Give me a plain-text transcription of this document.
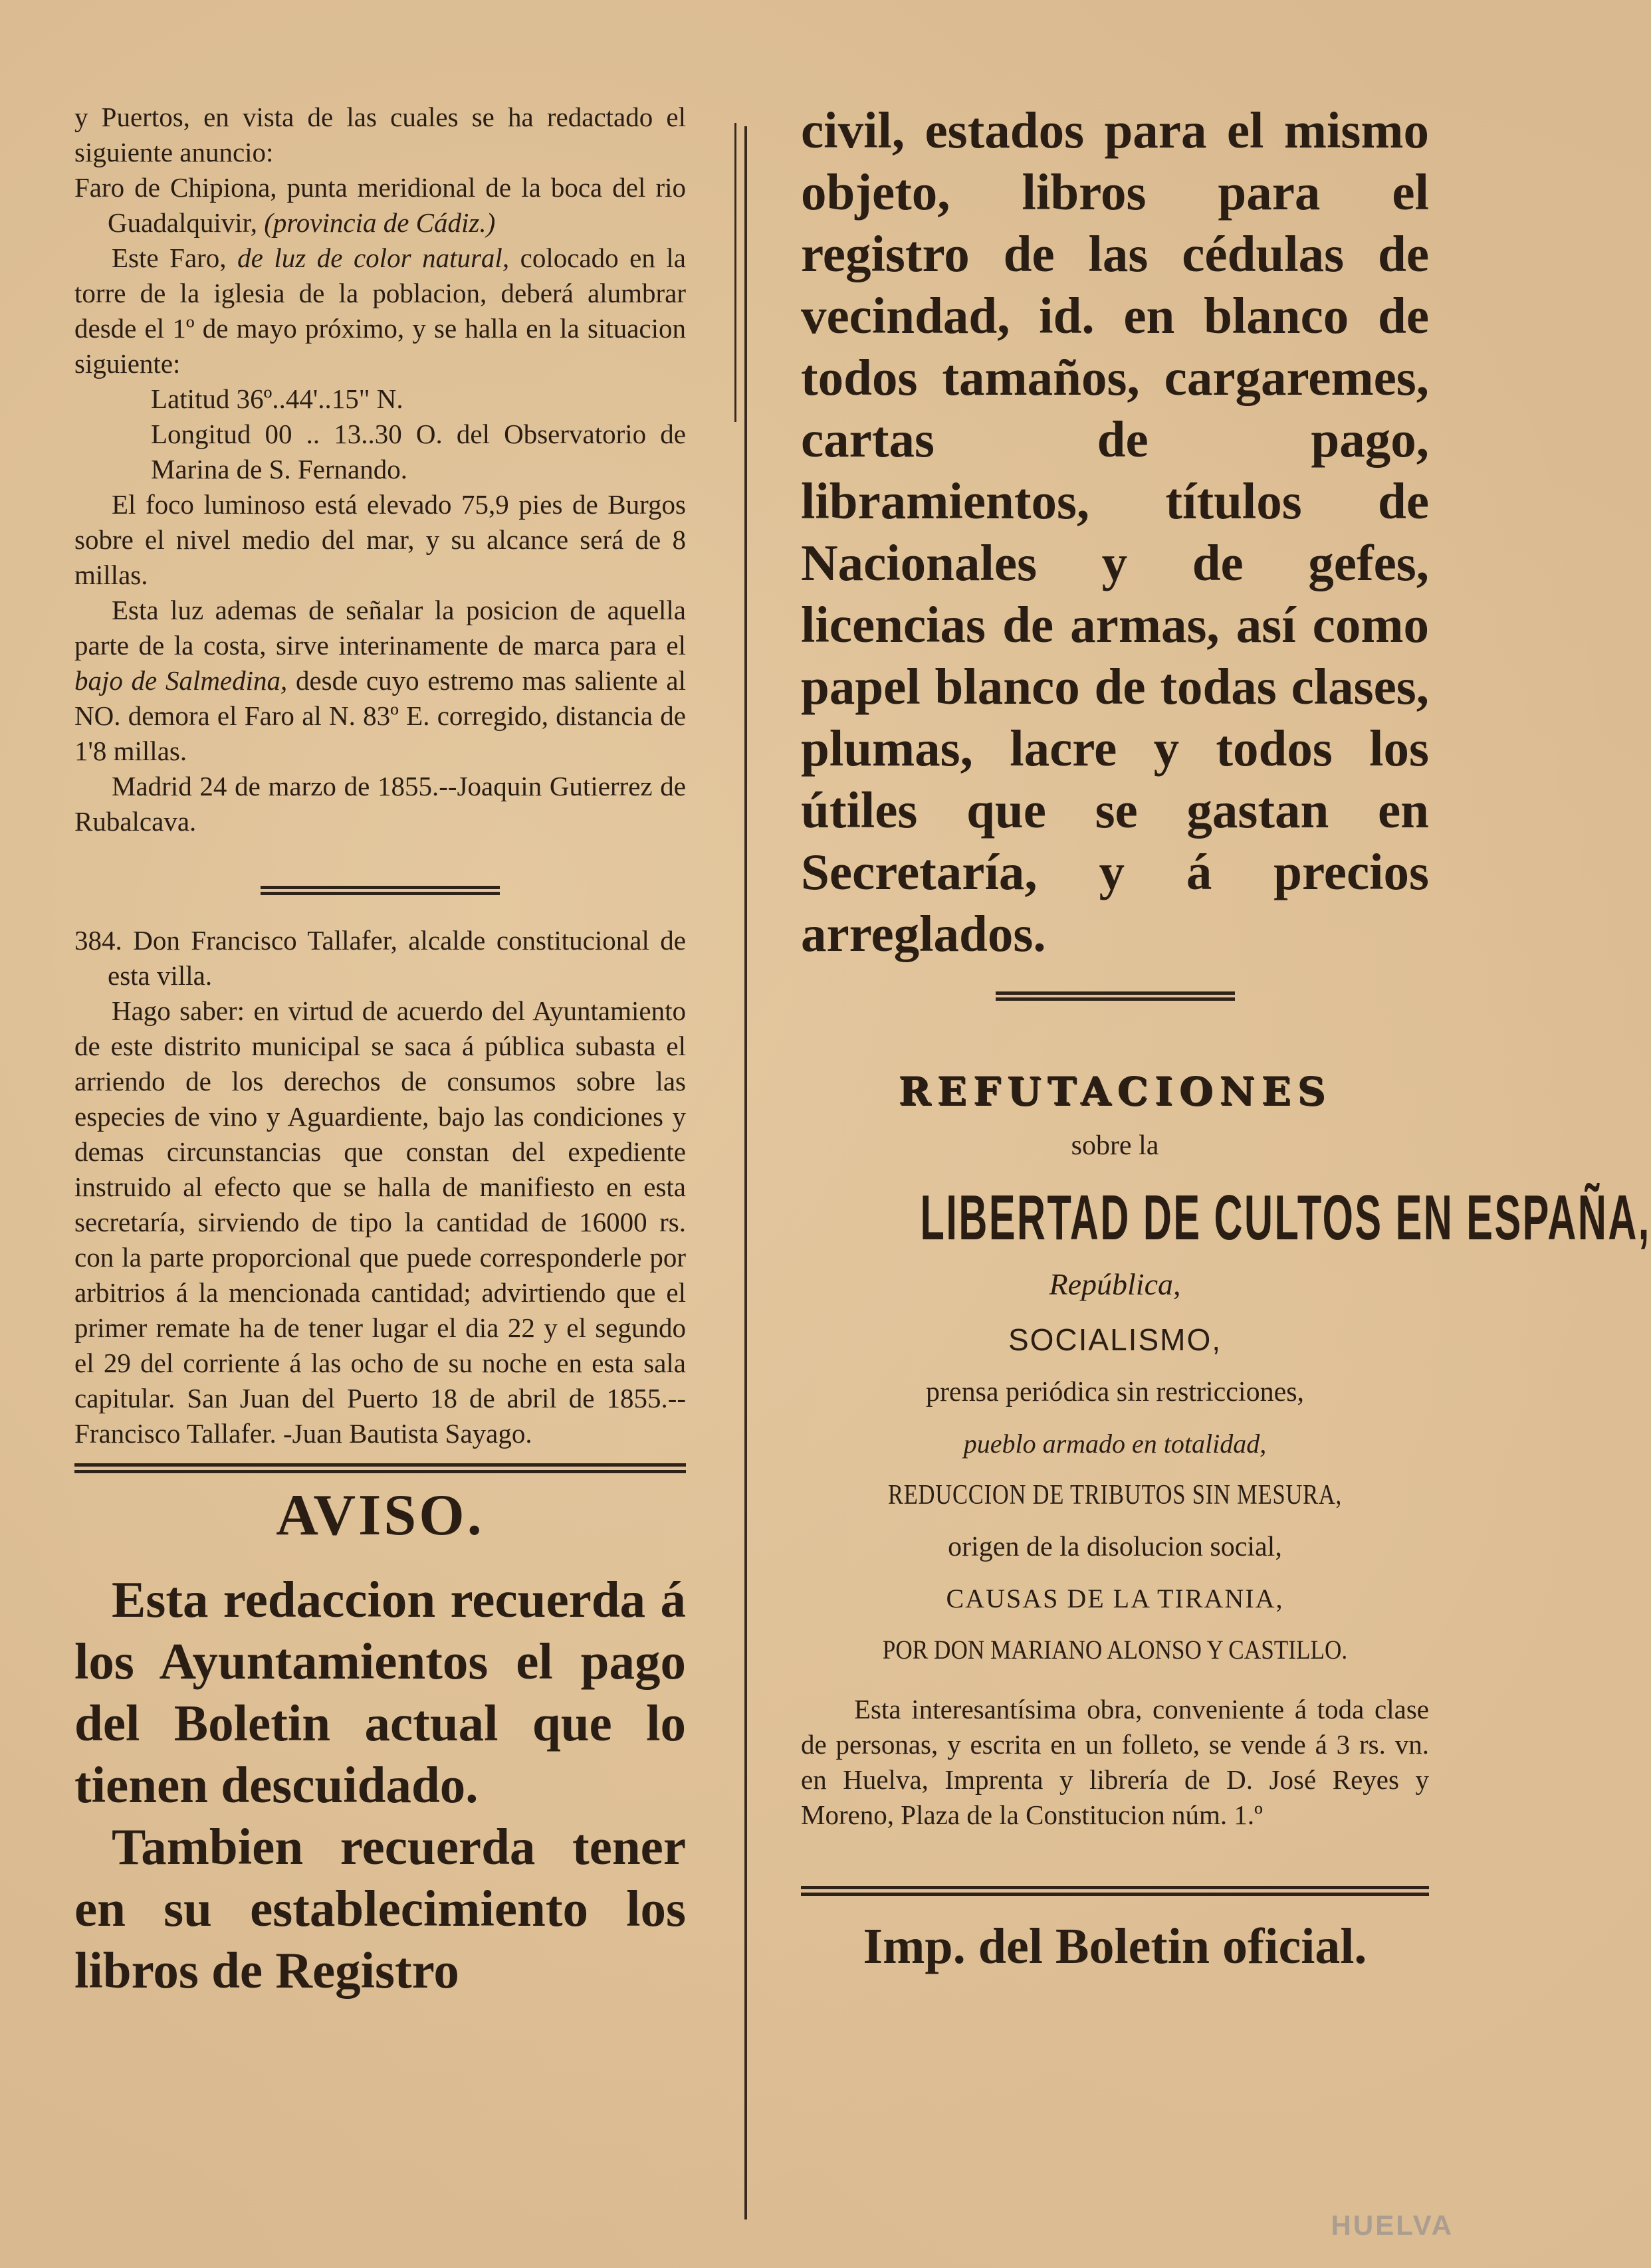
y Puertos, en vista de las cuales se ha redactado el siguiente anuncio:

Faro de Chipiona, punta meridional de la boca del rio Guadalquivir, (provincia de Cádiz.)

Este Faro, de luz de color natural, colocado en la torre de la iglesia de la poblacion, deberá alumbrar desde el 1º de mayo próximo, y se halla en la situacion siguiente:

Latitud 36º..44'..15" N.

Longitud 00 .. 13..30 O. del Observatorio de Marina de S. Fernando.

El foco luminoso está elevado 75,9 pies de Burgos sobre el nivel medio del mar, y su alcance será de 8 millas.

Esta luz ademas de señalar la posicion de aquella parte de la costa, sirve interinamente de marca para el bajo de Salmedina, desde cuyo estremo mas saliente al NO. demora el Faro al N. 83º E. corregido, distancia de 1'8 millas.

Madrid 24 de marzo de 1855.--Joaquin Gutierrez de Rubalcava.

384. Don Francisco Tallafer, alcalde constitucional de esta villa.

Hago saber: en virtud de acuerdo del Ayuntamiento de este distrito municipal se saca á pública subasta el arriendo de los derechos de consumos sobre las especies de vino y Aguardiente, bajo las condiciones y demas circunstancias que constan del expediente instruido al efecto que se halla de manifiesto en esta secretaría, sirviendo de tipo la cantidad de 16000 rs. con la parte proporcional que puede corresponderle por arbitrios á la mencionada cantidad; advirtiendo que el primer remate ha de tener lugar el dia 22 y el segundo el 29 del corriente á las ocho de su noche en esta sala capitular. San Juan del Puerto 18 de abril de 1855.--Francisco Tallafer. -Juan Bautista Sayago.

AVISO.

Esta redaccion recuerda á los Ayuntamientos el pago del Boletin actual que lo tienen descuidado.

Tambien recuerda tener en su establecimiento los libros de Registro

civil, estados para el mismo objeto, libros para el registro de las cédulas de vecindad, id. en blanco de todos tamaños, cargaremes, cartas de pago, libramientos, títulos de Nacionales y de gefes, licencias de armas, así como papel blanco de todas clases, plumas, lacre y todos los útiles que se gastan en Secretaría, y á precios arreglados.

REFUTACIONES
sobre la
LIBERTAD DE CULTOS EN ESPAÑA,
República,
SOCIALISMO,
prensa periódica sin restricciones,
pueblo armado en totalidad,
REDUCCION DE TRIBUTOS SIN MESURA,
origen de la disolucion social,
CAUSAS DE LA TIRANIA,
POR DON MARIANO ALONSO Y CASTILLO.

Esta interesantísima obra, conveniente á toda clase de personas, y escrita en un folleto, se vende á 3 rs. vn. en Huelva, Imprenta y librería de D. José Reyes y Moreno, Plaza de la Constitucion núm. 1.º

Imp. del Boletin oficial.
HUELVA
